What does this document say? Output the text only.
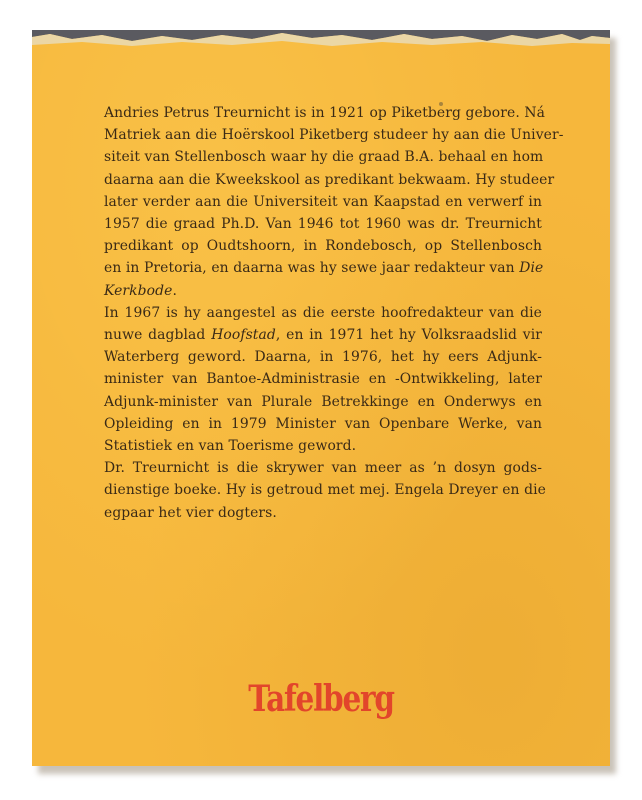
Andries Petrus Treurnicht is in 1921 op Piketberg gebore. Ná
Matriek aan die Hoërskool Piketberg studeer hy aan die Univer-
siteit van Stellenbosch waar hy die graad B.A. behaal en hom
daarna aan die Kweekskool as predikant bekwaam. Hy studeer
later verder aan die Universiteit van Kaapstad en verwerf in
1957 die graad Ph.D. Van 1946 tot 1960 was dr. Treurnicht
predikant op Oudtshoorn, in Rondebosch, op Stellenbosch
en in Pretoria, en daarna was hy sewe jaar redakteur van Die
Kerkbode.

In 1967 is hy aangestel as die eerste hoofredakteur van die
nuwe dagblad Hoofstad, en in 1971 het hy Volksraadslid vir
Waterberg geword. Daarna, in 1976, het hy eers Adjunk-
minister van Bantoe-Administrasie en -Ontwikkeling, later
Adjunk-minister van Plurale Betrekkinge en Onderwys en
Opleiding en in 1979 Minister van Openbare Werke, van
Statistiek en van Toerisme geword.

Dr. Treurnicht is die skrywer van meer as ’n dosyn gods-
dienstige boeke. Hy is getroud met mej. Engela Dreyer en die
egpaar het vier dogters.

Tafelberg
